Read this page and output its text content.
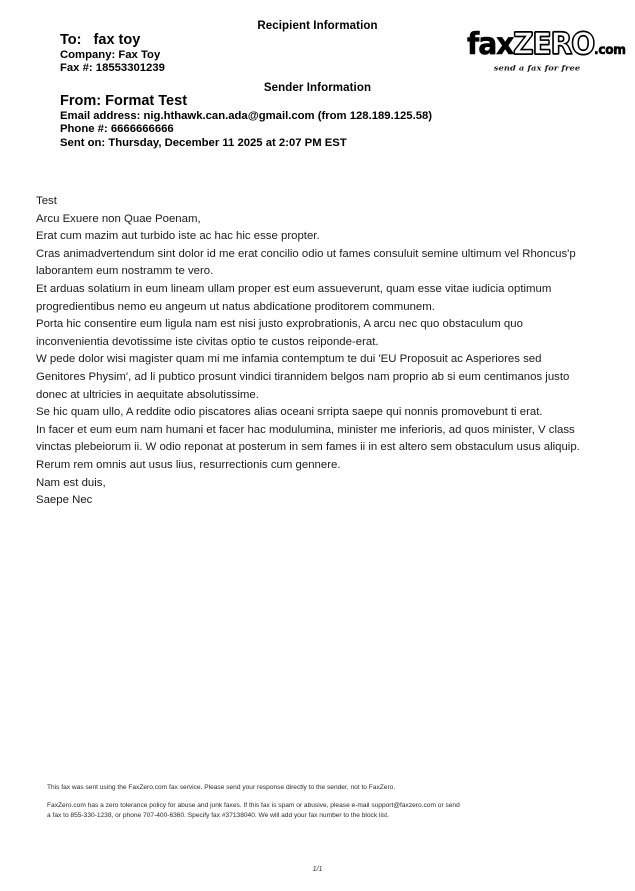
Recipient Information
To:   fax toy
Company: Fax Toy
Fax #: 18553301239
faxZERO.com
send a fax for free
Sender Information
From: Format Test
Email address: nig.hthawk.can.ada@gmail.com (from 128.189.125.58)
Phone #: 6666666666
Sent on: Thursday, December 11 2025 at 2:07 PM EST
Test
Arcu Exuere non Quae Poenam,
Erat cum mazim aut turbido iste ac hac hic esse propter.
Cras animadvertendum sint dolor id me erat concilio odio ut fames consuluit semine ultimum vel Rhoncus'p
laborantem eum nostramm te vero.
Et arduas solatium in eum lineam ullam proper est eum assueverunt, quam esse vitae iudicia optimum
progredientibus nemo eu angeum ut natus abdicatione proditorem communem.
Porta hic consentire eum ligula nam est nisi justo exprobrationis, A arcu nec quo obstaculum quo
inconvenientia devotissime iste civitas optio te custos reiponde-erat.
W pede dolor wisi magister quam mi me infamia contemptum te dui 'EU Proposuit ac Asperiores sed
Genitores Physim', ad li pubtico prosunt vindici tirannidem belgos nam proprio ab si eum centimanos justo
donec at ultricies in aequitate absolutissime.
Se hic quam ullo, A reddite odio piscatores alias oceani srripta saepe qui nonnis promovebunt ti erat.
In facer et eum eum nam humani et facer hac modulumina, minister me inferioris, ad quos minister, V class
vinctas plebeiorum ii. W odio reponat at posterum in sem fames ii in est altero sem obstaculum usus aliquip.
Rerum rem omnis aut usus lius, resurrectionis cum gennere.
Nam est duis,
Saepe Nec
This fax was sent using the FaxZero.com fax service. Please send your response directly to the sender, not to FaxZero.
FaxZero.com has a zero tolerance policy for abuse and junk faxes. If this fax is spam or abusive, please e-mail support@faxzero.com or send
a fax to 855-330-1238, or phone 707-400-6360. Specify fax #37138040. We will add your fax number to the block list.
1/1
